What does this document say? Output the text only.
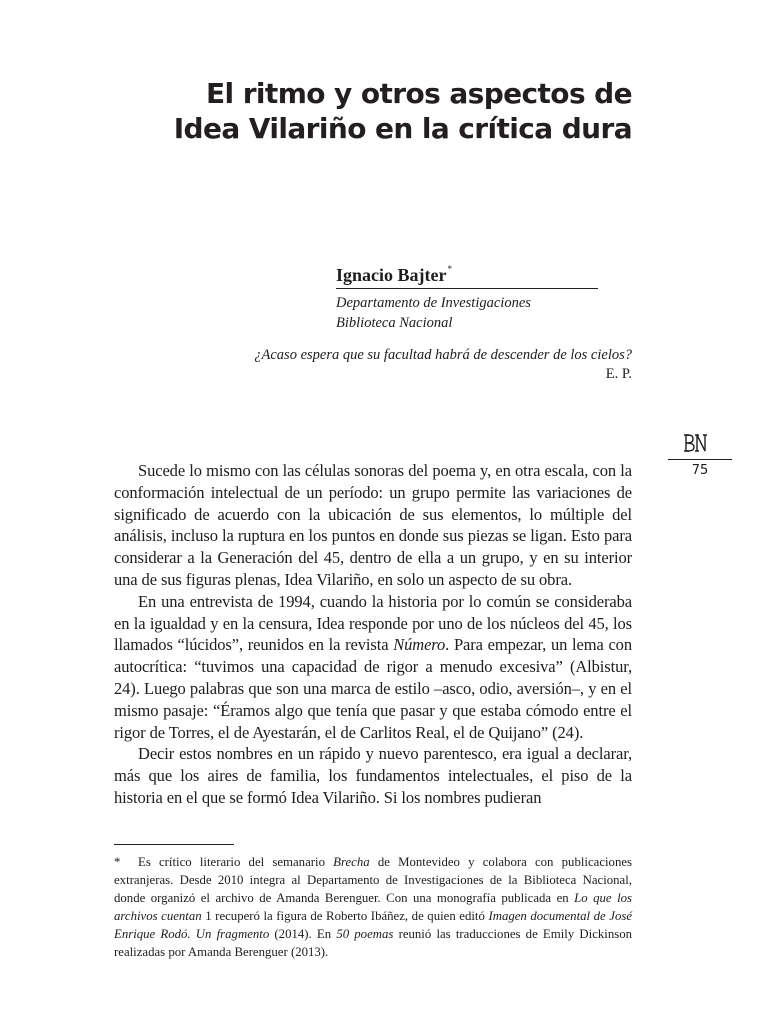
El ritmo y otros aspectos de
Idea Vilariño en la crítica dura

Ignacio Bajter*

Departamento de Investigaciones
Biblioteca Nacional

¿Acaso espera que su facultad habrá de descender de los cielos?
E. P.
75

Sucede lo mismo con las células sonoras del poema y, en otra escala, con la conformación intelectual de un período: un grupo permite las variaciones de significado de acuerdo con la ubicación de sus elementos, lo múltiple del análisis, incluso la ruptura en los puntos en donde sus piezas se ligan. Esto para considerar a la Generación del 45, dentro de ella a un grupo, y en su interior una de sus figuras plenas, Idea Vilariño, en solo un aspecto de su obra.

En una entrevista de 1994, cuando la historia por lo común se consideraba en la igualdad y en la censura, Idea responde por uno de los núcleos del 45, los llamados “lúcidos”, reunidos en la revista Número. Para empezar, un lema con autocrítica: “tuvimos una capacidad de rigor a menudo excesiva” (Albistur, 24). Luego palabras que son una marca de estilo –asco, odio, aversión–, y en el mismo pasaje: “Éramos algo que tenía que pasar y que estaba cómodo entre el rigor de Torres, el de Ayestarán, el de Carlitos Real, el de Quijano” (24).

Decir estos nombres en un rápido y nuevo parentesco, era igual a declarar, más que los aires de familia, los fundamentos intelectuales, el piso de la historia en el que se formó Idea Vilariño. Si los nombres pudieran

* Es crítico literario del semanario Brecha de Montevideo y colabora con publicaciones extranjeras. Desde 2010 integra al Departamento de Investigaciones de la Biblioteca Nacional, donde organizó el archivo de Amanda Berenguer. Con una monografía publicada en Lo que los archivos cuentan 1 recuperó la figura de Roberto Ibáñez, de quien editó Imagen documental de José Enrique Rodó. Un fragmento (2014). En 50 poemas reunió las traducciones de Emily Dickinson realizadas por Amanda Berenguer (2013).
